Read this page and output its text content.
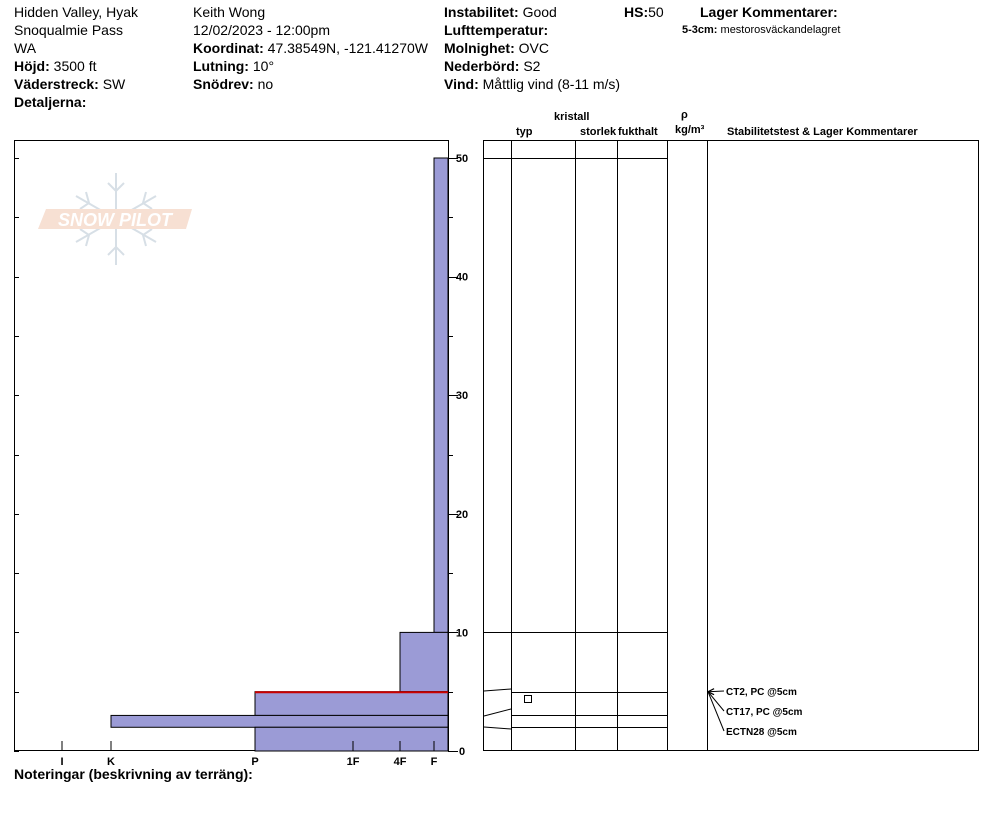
Hidden Valley, Hyak
Snoqualmie Pass
WA
Höjd: 3500 ft
Väderstreck: SW
Detaljerna:
Keith Wong
12/02/2023 - 12:00pm
Koordinat: 47.38549N, -121.41270W
Lutning: 10°
Snödrev: no
Instabilitet: Good
Lufttemperatur:
Molnighet: OVC
Nederbörd: S2
Vind: Måttlig vind (8-11 m/s)
HS:50	Lager Kommentarer:
5-3cm: mestorosväckandelagret
kristall
typ	storlek fukthalt
ρ
kg/m³ Stabilitetstest & Lager Kommentarer
SNOW PILOT
I	K	P	1F	4F F
0
10
20
30
40
50
CT2, PC @5cm
CT17, PC @5cm
ECTN28 @5cm
Noteringar (beskrivning av terräng):
